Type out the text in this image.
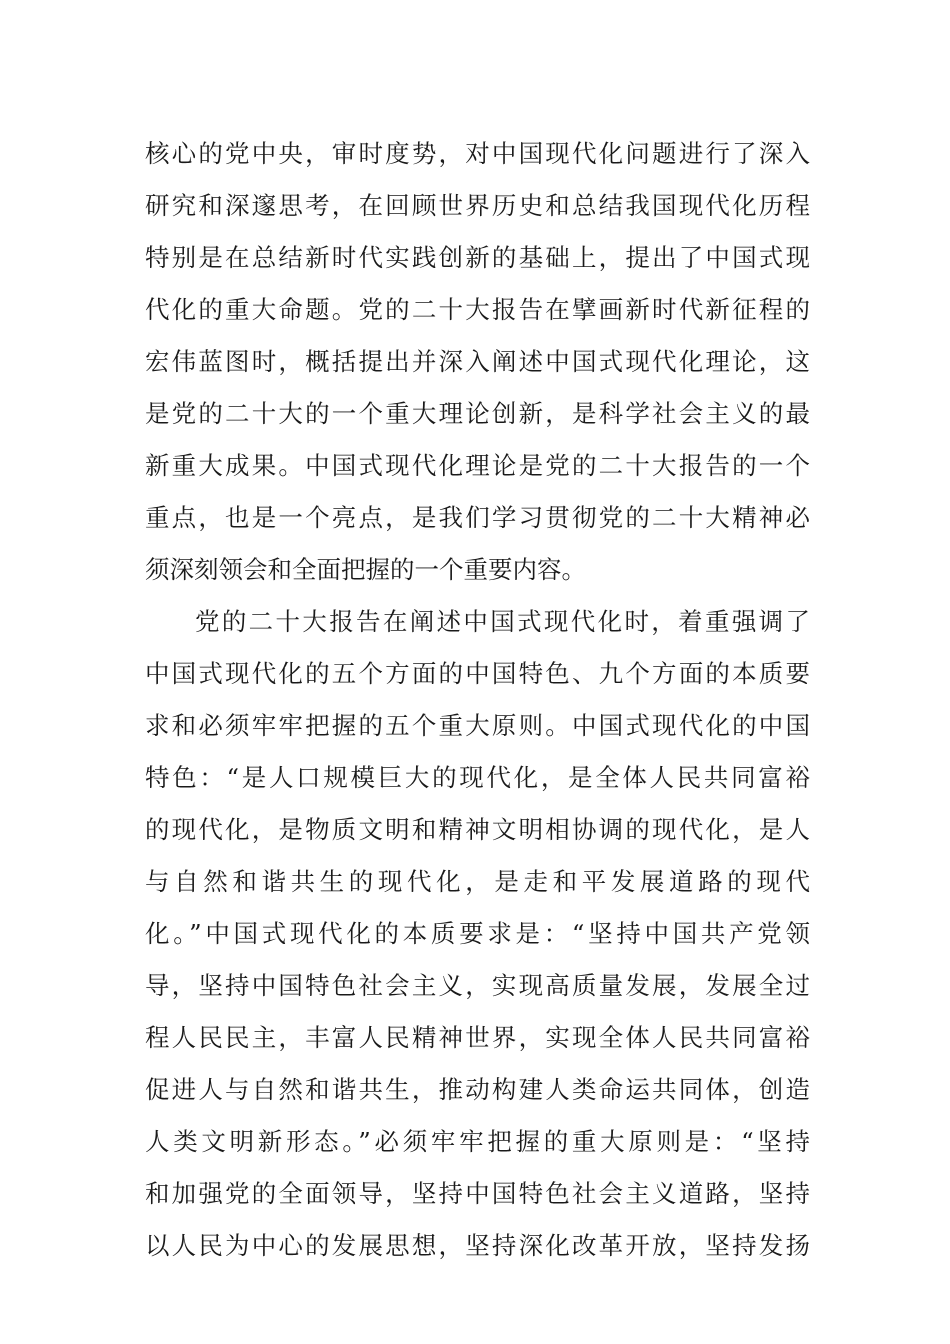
核心的党中央，审时度势，对中国现代化问题进行了深入
研究和深邃思考，在回顾世界历史和总结我国现代化历程
特别是在总结新时代实践创新的基础上，提出了中国式现
代化的重大命题。党的二十大报告在擘画新时代新征程的
宏伟蓝图时，概括提出并深入阐述中国式现代化理论，这
是党的二十大的一个重大理论创新，是科学社会主义的最
新重大成果。中国式现代化理论是党的二十大报告的一个
重点，也是一个亮点，是我们学习贯彻党的二十大精神必
须深刻领会和全面把握的一个重要内容。
党的二十大报告在阐述中国式现代化时，着重强调了
中国式现代化的五个方面的中国特色、九个方面的本质要
求和必须牢牢把握的五个重大原则。中国式现代化的中国
特色：“是人口规模巨大的现代化，是全体人民共同富裕
的现代化，是物质文明和精神文明相协调的现代化，是人
与自然和谐共生的现代化，是走和平发展道路的现代
化。”中国式现代化的本质要求是：“坚持中国共产党领
导，坚持中国特色社会主义，实现高质量发展，发展全过
程人民民主，丰富人民精神世界，实现全体人民共同富裕
促进人与自然和谐共生，推动构建人类命运共同体，创造
人类文明新形态。”必须牢牢把握的重大原则是：“坚持
和加强党的全面领导，坚持中国特色社会主义道路，坚持
以人民为中心的发展思想，坚持深化改革开放，坚持发扬
